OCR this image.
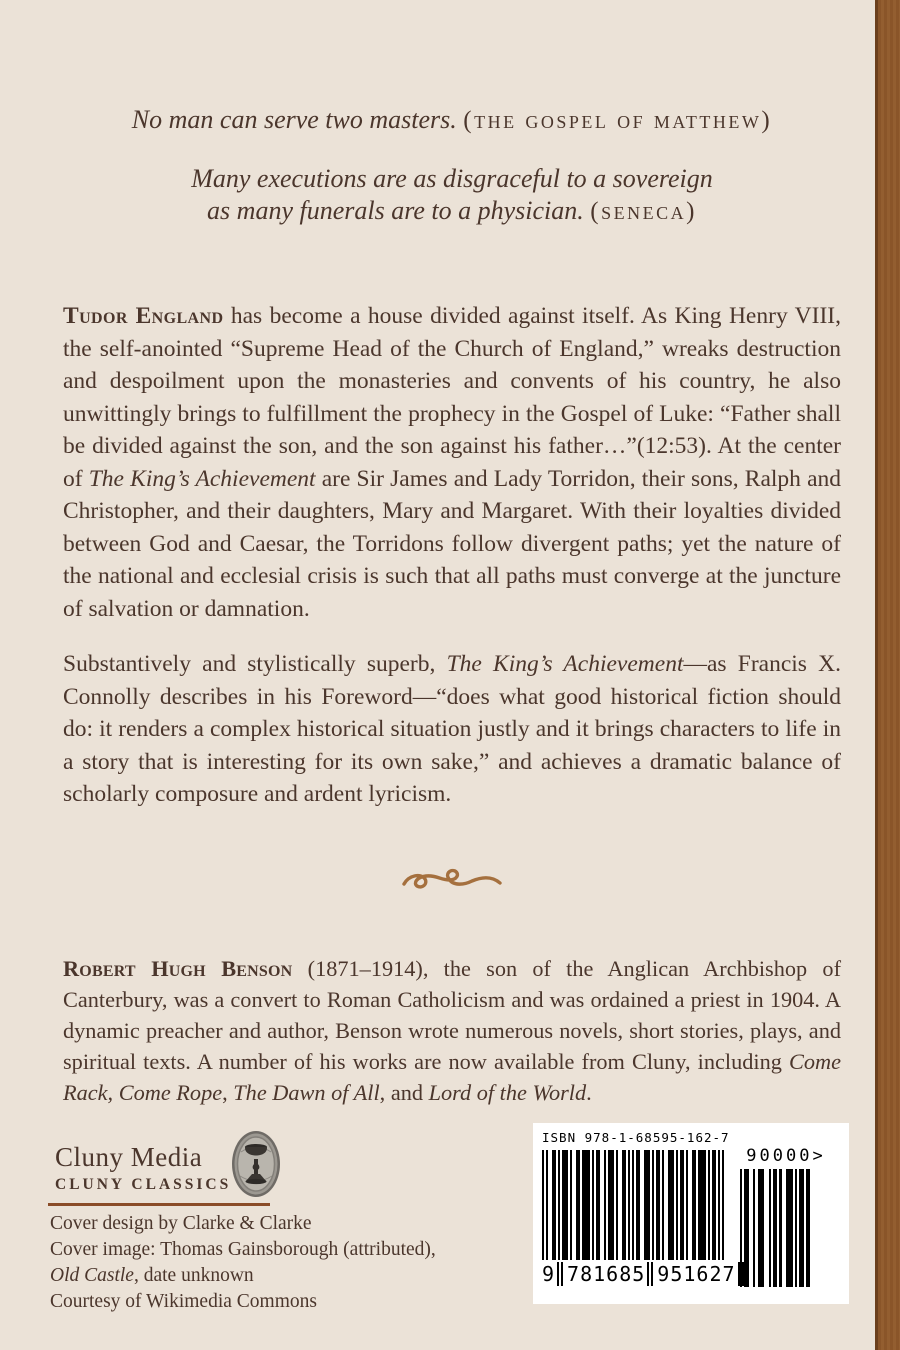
No man can serve two masters. (the gospel of matthew)
Many executions are as disgraceful to a sovereign
as many funerals are to a physician. (seneca)
Tudor England has become a house divided against itself. As King Henry VIII, the self-anointed “Supreme Head of the Church of England,” wreaks destruction and despoilment upon the monasteries and convents of his country, he also unwittingly brings to fulfillment the prophecy in the Gospel of Luke: “Father shall be divided against the son, and the son against his father…”(12:53). At the center of The King’s Achievement are Sir James and Lady Torridon, their sons, Ralph and Christopher, and their daughters, Mary and Margaret. With their loyalties divided between God and Caesar, the Torridons follow divergent paths; yet the nature of the national and ecclesial crisis is such that all paths must converge at the juncture of salvation or damnation.
Substantively and stylistically superb, The King’s Achievement—as Francis X. Connolly describes in his Foreword—“does what good historical fiction should do: it renders a complex historical situation justly and it brings characters to life in a story that is interesting for its own sake,” and achieves a dramatic balance of scholarly composure and ardent lyricism.
Robert Hugh Benson (1871–1914), the son of the Anglican Archbishop of Canterbury, was a convert to Roman Catholicism and was ordained a priest in 1904. A dynamic preacher and author, Benson wrote numerous novels, short stories, plays, and spiritual texts. A number of his works are now available from Cluny, including Come Rack, Come Rope, The Dawn of All, and Lord of the World.
Cluny Media
CLUNY CLASSICS
Cover design by Clarke & Clarke
Cover image: Thomas Gainsborough (attributed),
Old Castle, date unknown
Courtesy of Wikimedia Commons
ISBN 978-1-68595-162-7
9 781685 951627
90000>
